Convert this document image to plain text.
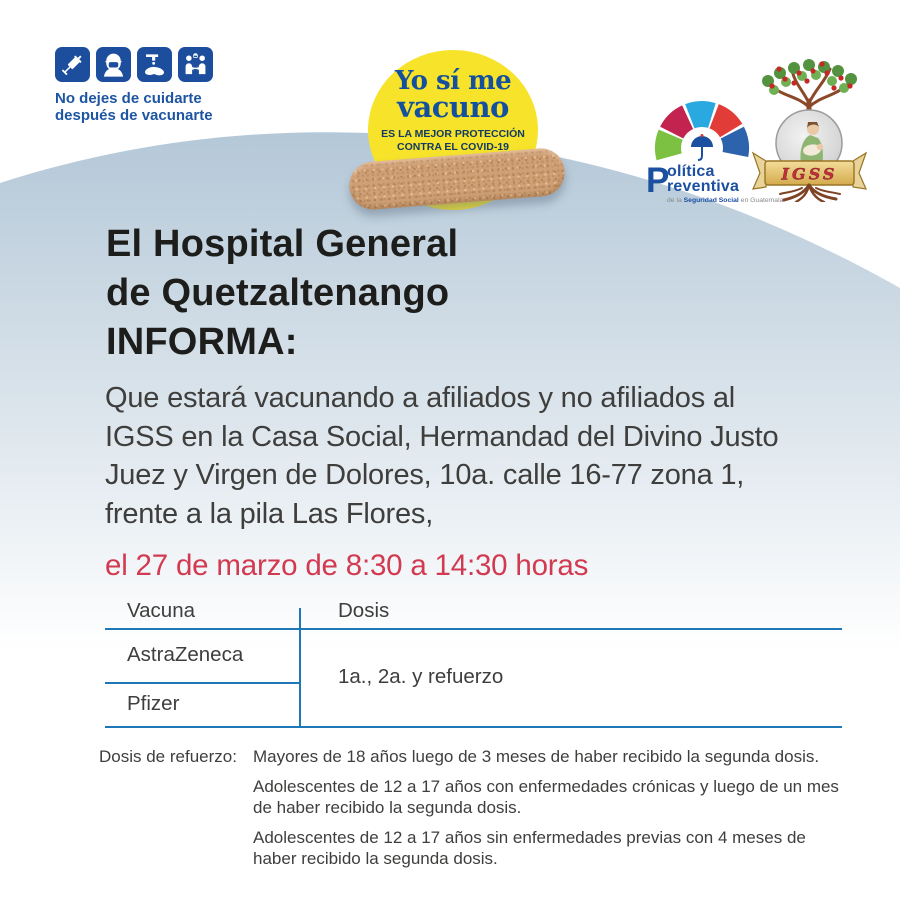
No dejes de cuidarte
después de vacunarte
Yo sí me
vacuno
ES LA MEJOR PROTECCIÓN
CONTRA EL COVID-19
P
olítica
reventiva
de la Seguridad Social en Guatemala
IGSS
El Hospital General
de Quetzaltenango
INFORMA:
Que estará vacunando a afiliados y no afiliados al
IGSS en la Casa Social, Hermandad del Divino Justo
Juez y Virgen de Dolores, 10a. calle 16-77 zona 1,
frente a la pila Las Flores,
el 27 de marzo de 8:30 a 14:30 horas
Vacuna	Dosis
AstraZeneca
Pfizer
1a., 2a. y refuerzo
Dosis de refuerzo: Mayores de 18 años luego de 3 meses de haber recibido la segunda dosis.
Adolescentes de 12 a 17 años con enfermedades crónicas y luego de un mes de haber recibido la segunda dosis.
Adolescentes de 12 a 17 años sin enfermedades previas con 4 meses de haber recibido la segunda dosis.
